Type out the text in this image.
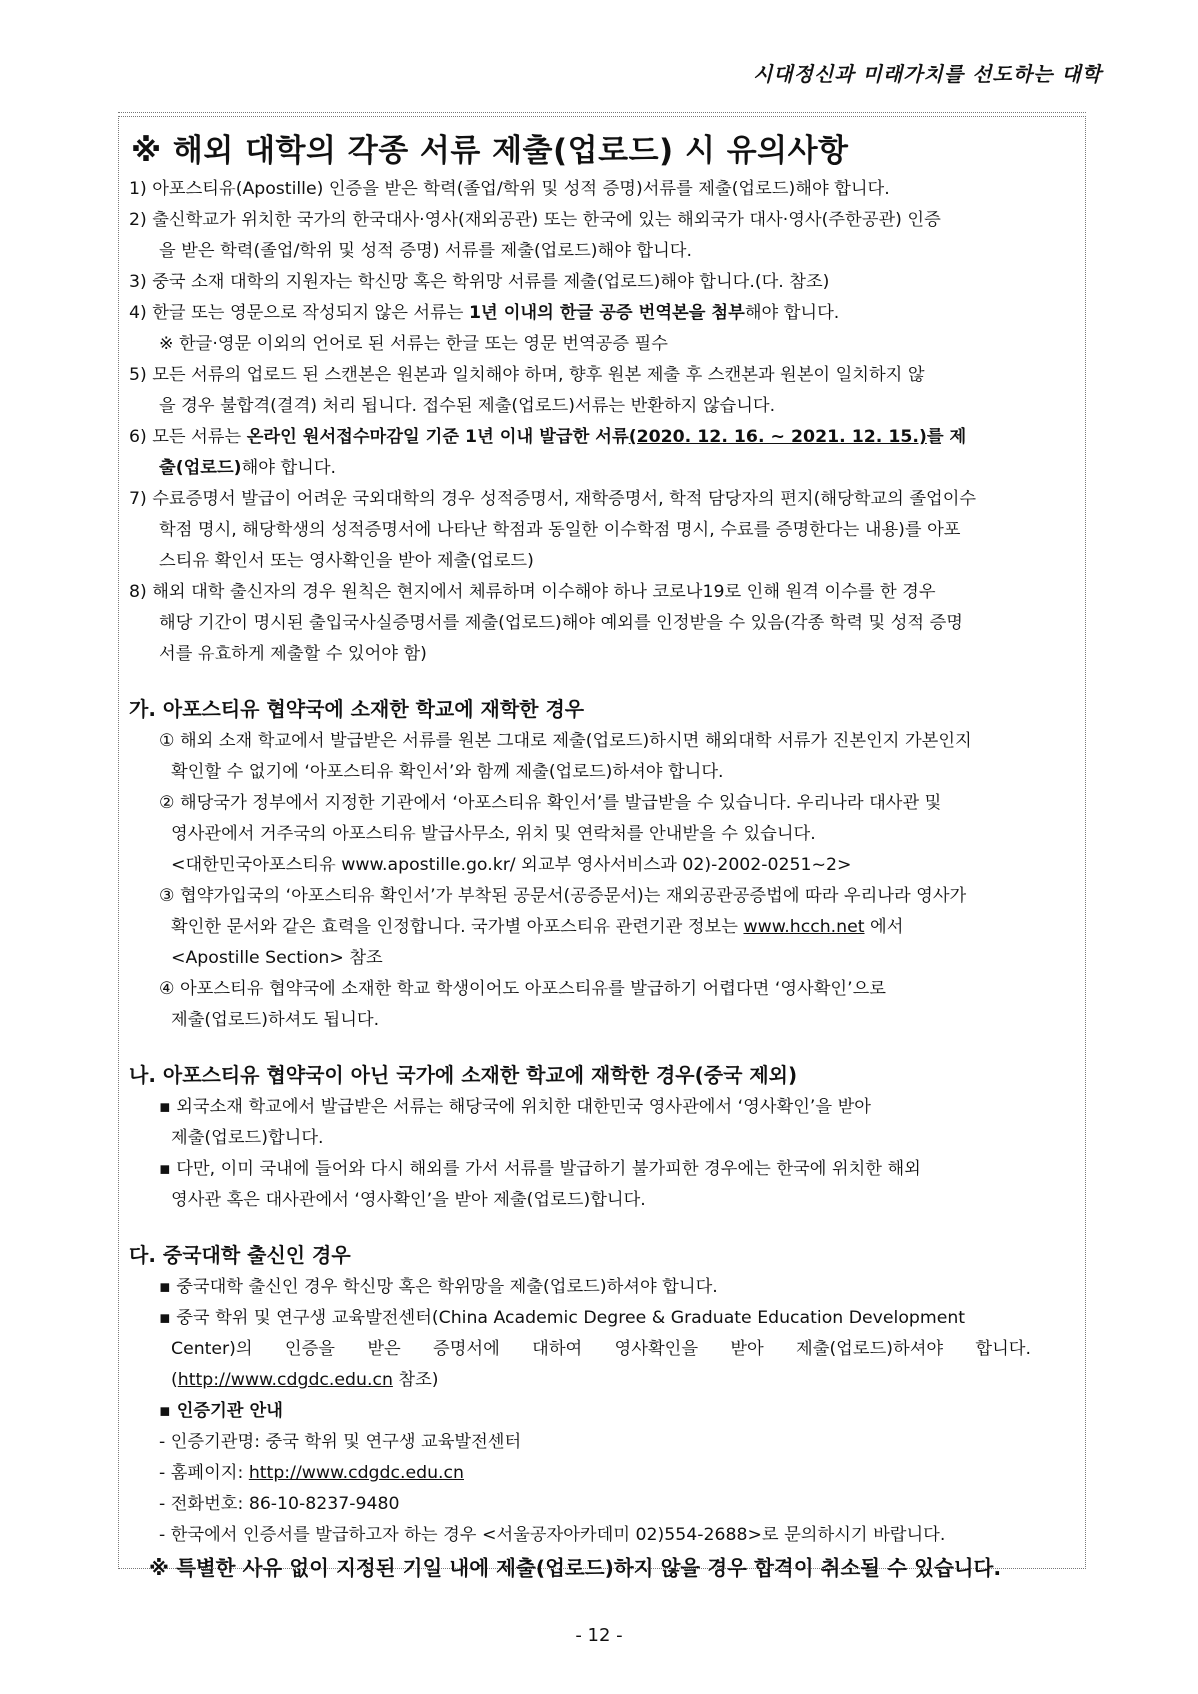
시대정신과 미래가치를 선도하는 대학
※ 해외 대학의 각종 서류 제출(업로드) 시 유의사항
1) 아포스티유(Apostille) 인증을 받은 학력(졸업/학위 및 성적 증명)서류를 제출(업로드)해야 합니다.
2) 출신학교가 위치한 국가의 한국대사·영사(재외공관) 또는 한국에 있는 해외국가 대사·영사(주한공관) 인증
을 받은 학력(졸업/학위 및 성적 증명) 서류를 제출(업로드)해야 합니다.
3) 중국 소재 대학의 지원자는 학신망 혹은 학위망 서류를 제출(업로드)해야 합니다.(다. 참조)
4) 한글 또는 영문으로 작성되지 않은 서류는 1년 이내의 한글 공증 번역본을 첨부해야 합니다.
※ 한글·영문 이외의 언어로 된 서류는 한글 또는 영문 번역공증 필수
5) 모든 서류의 업로드 된 스캔본은 원본과 일치해야 하며, 향후 원본 제출 후 스캔본과 원본이 일치하지 않
을 경우 불합격(결격) 처리 됩니다. 접수된 제출(업로드)서류는 반환하지 않습니다.
6) 모든 서류는 온라인 원서접수마감일 기준 1년 이내 발급한 서류(2020. 12. 16. ~ 2021. 12. 15.)를 제
출(업로드)해야 합니다.
7) 수료증명서 발급이 어려운 국외대학의 경우 성적증명서, 재학증명서, 학적 담당자의 편지(해당학교의 졸업이수
학점 명시, 해당학생의 성적증명서에 나타난 학점과 동일한 이수학점 명시, 수료를 증명한다는 내용)를 아포
스티유 확인서 또는 영사확인을 받아 제출(업로드)
8) 해외 대학 출신자의 경우 원칙은 현지에서 체류하며 이수해야 하나 코로나19로 인해 원격 이수를 한 경우
해당 기간이 명시된 출입국사실증명서를 제출(업로드)해야 예외를 인정받을 수 있음(각종 학력 및 성적 증명
서를 유효하게 제출할 수 있어야 함)
가. 아포스티유 협약국에 소재한 학교에 재학한 경우
① 해외 소재 학교에서 발급받은 서류를 원본 그대로 제출(업로드)하시면 해외대학 서류가 진본인지 가본인지
확인할 수 없기에 ‘아포스티유 확인서’와 함께 제출(업로드)하셔야 합니다.
② 해당국가 정부에서 지정한 기관에서 ‘아포스티유 확인서’를 발급받을 수 있습니다. 우리나라 대사관 및
영사관에서 거주국의 아포스티유 발급사무소, 위치 및 연락처를 안내받을 수 있습니다.
<대한민국아포스티유 www.apostille.go.kr/ 외교부 영사서비스과 02)-2002-0251~2>
③ 협약가입국의 ‘아포스티유 확인서’가 부착된 공문서(공증문서)는 재외공관공증법에 따라 우리나라 영사가
확인한 문서와 같은 효력을 인정합니다. 국가별 아포스티유 관련기관 정보는 www.hcch.net 에서
<Apostille Section> 참조
④ 아포스티유 협약국에 소재한 학교 학생이어도 아포스티유를 발급하기 어렵다면 ‘영사확인’으로
제출(업로드)하셔도 됩니다.
나. 아포스티유 협약국이 아닌 국가에 소재한 학교에 재학한 경우(중국 제외)
▪ 외국소재 학교에서 발급받은 서류는 해당국에 위치한 대한민국 영사관에서 ‘영사확인’을 받아
제출(업로드)합니다.
▪ 다만, 이미 국내에 들어와 다시 해외를 가서 서류를 발급하기 불가피한 경우에는 한국에 위치한 해외
영사관 혹은 대사관에서 ‘영사확인’을 받아 제출(업로드)합니다.
다. 중국대학 출신인 경우
▪ 중국대학 출신인 경우 학신망 혹은 학위망을 제출(업로드)하셔야 합니다.
▪ 중국 학위 및 연구생 교육발전센터(China Academic Degree & Graduate Education Development
Center)의 인증을 받은 증명서에 대하여 영사확인을 받아 제출(업로드)하셔야 합니다.
(http://www.cdgdc.edu.cn 참조)
▪ 인증기관 안내
- 인증기관명: 중국 학위 및 연구생 교육발전센터
- 홈페이지: http://www.cdgdc.edu.cn
- 전화번호: 86-10-8237-9480
- 한국에서 인증서를 발급하고자 하는 경우 <서울공자아카데미 02)554-2688>로 문의하시기 바랍니다.
※ 특별한 사유 없이 지정된 기일 내에 제출(업로드)하지 않을 경우 합격이 취소될 수 있습니다.
- 12 -
